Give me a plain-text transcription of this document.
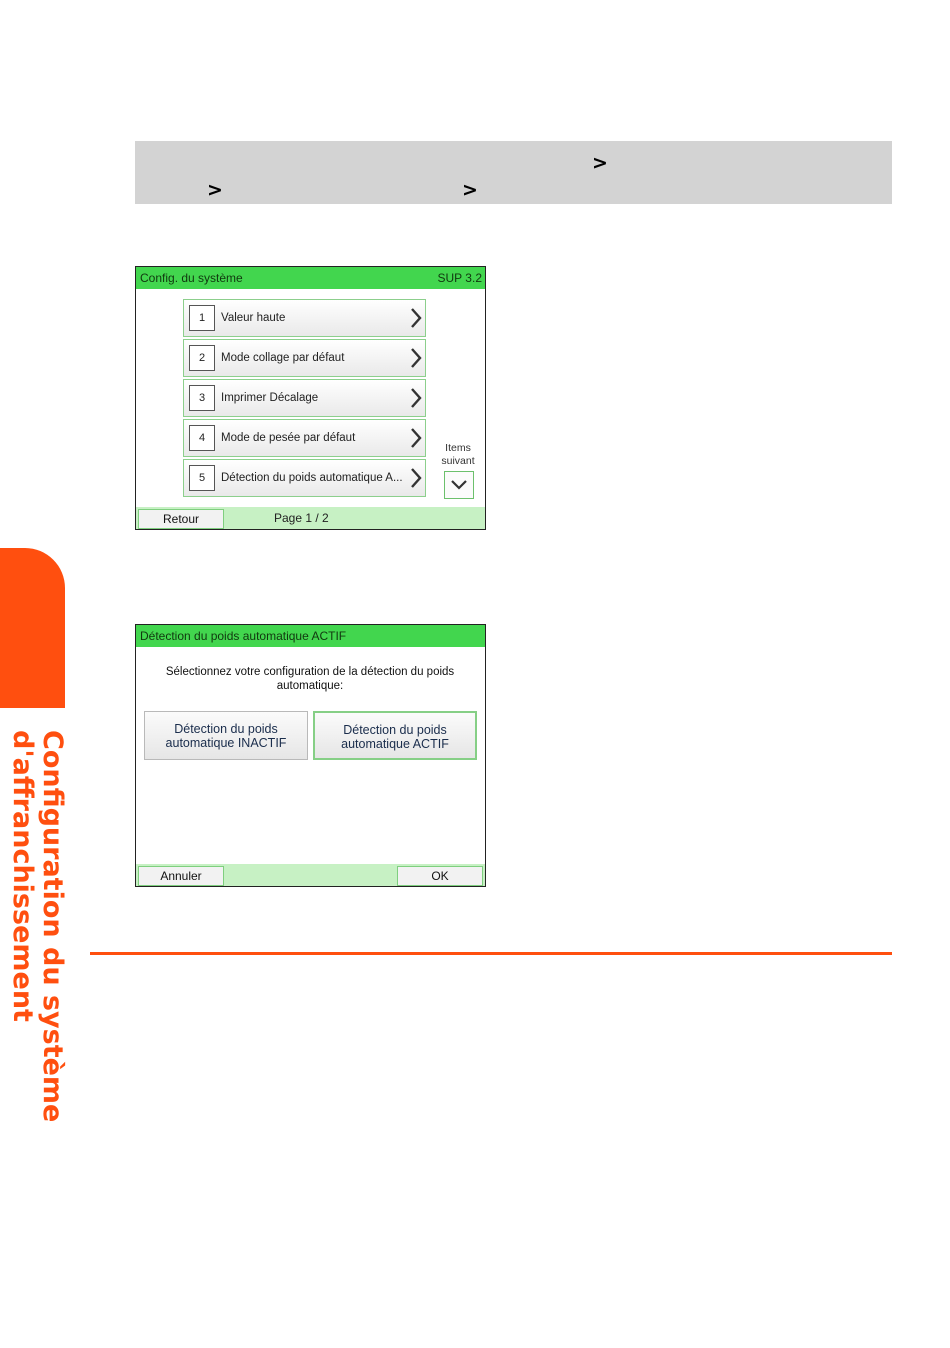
>
>	>
Configuration du système
d'affranchissement
Config. du système	SUP 3.2
1	Valeur haute
2	Mode collage par défaut
3	Imprimer Décalage
4	Mode de pesée par défaut
5	Détection du poids automatique A...
Items
suivant
Retour	Page 1 / 2
Détection du poids automatique ACTIF
Sélectionnez votre configuration de la détection du poids
automatique:
Détection du poids
automatique INACTIF
Détection du poids
automatique ACTIF
Annuler	OK
